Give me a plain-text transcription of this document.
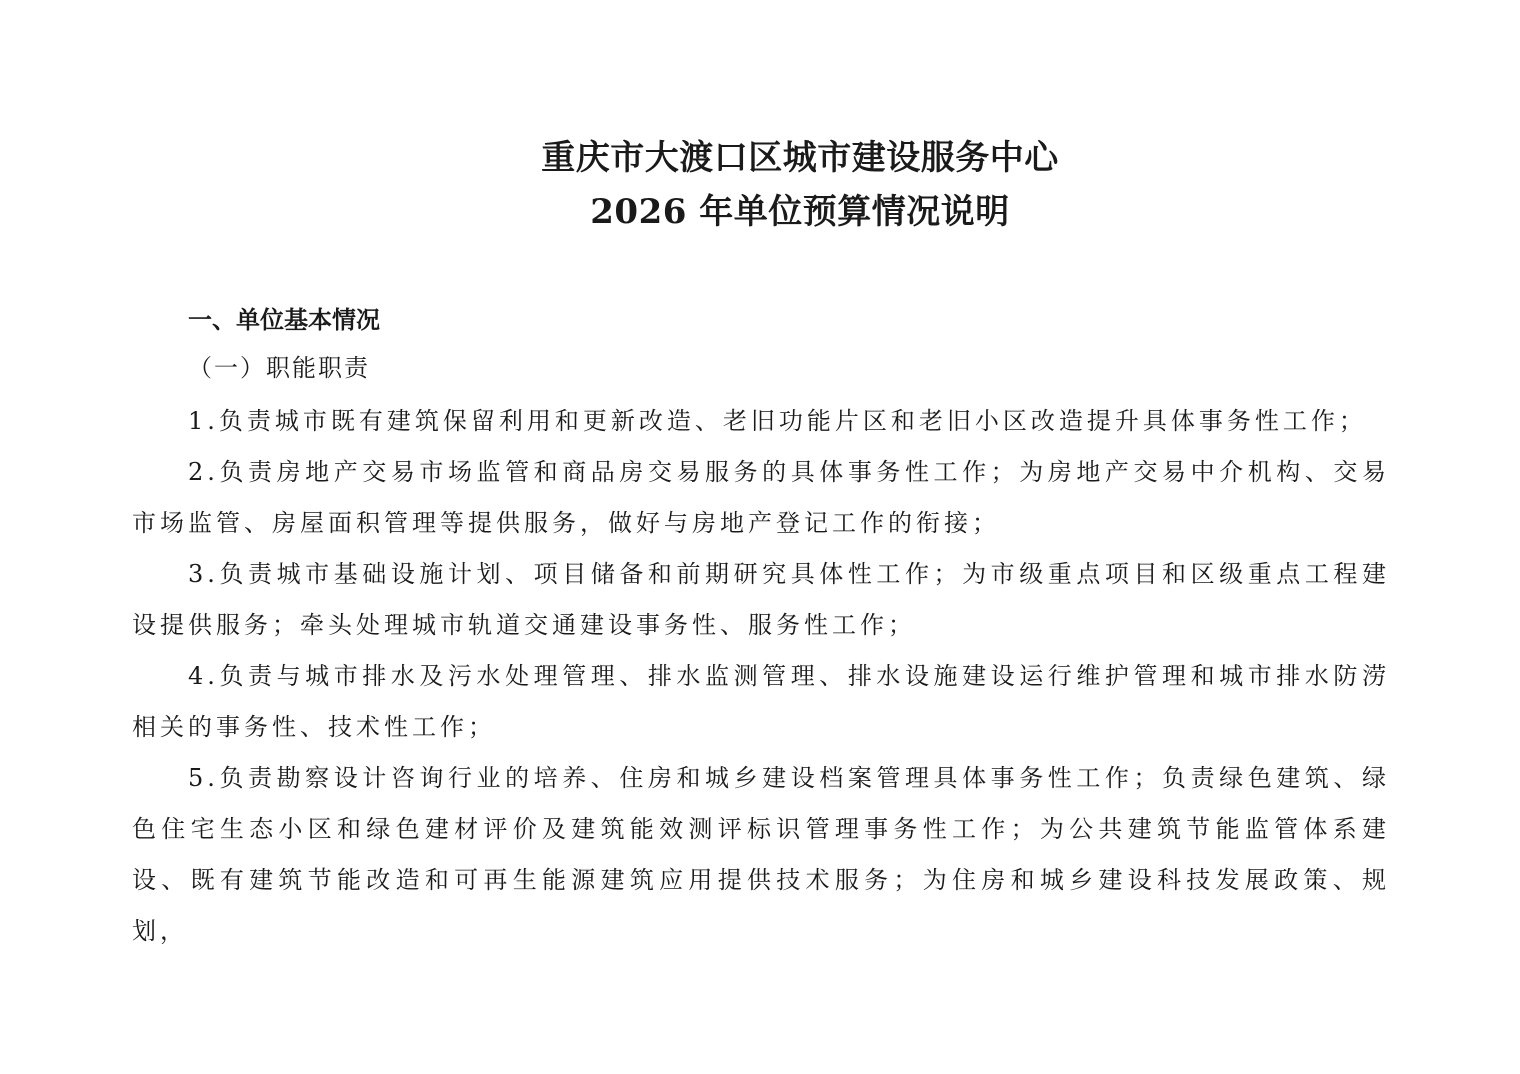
重庆市大渡口区城市建设服务中心
2026 年单位预算情况说明
一、单位基本情况
（一）职能职责

1.负责城市既有建筑保留利用和更新改造、老旧功能片区和老旧小区改造提升具体事务性工作；

2.负责房地产交易市场监管和商品房交易服务的具体事务性工作；为房地产交易中介机构、交易市场监管、房屋面积管理等提供服务，做好与房地产登记工作的衔接；

3.负责城市基础设施计划、项目储备和前期研究具体性工作；为市级重点项目和区级重点工程建设提供服务；牵头处理城市轨道交通建设事务性、服务性工作；

4.负责与城市排水及污水处理管理、排水监测管理、排水设施建设运行维护管理和城市排水防涝相关的事务性、技术性工作；

5.负责勘察设计咨询行业的培养、住房和城乡建设档案管理具体事务性工作；负责绿色建筑、绿色住宅生态小区和绿色建材评价及建筑能效测评标识管理事务性工作；为公共建筑节能监管体系建设、既有建筑节能改造和可再生能源建筑应用提供技术服务；为住房和城乡建设科技发展政策、规划，
